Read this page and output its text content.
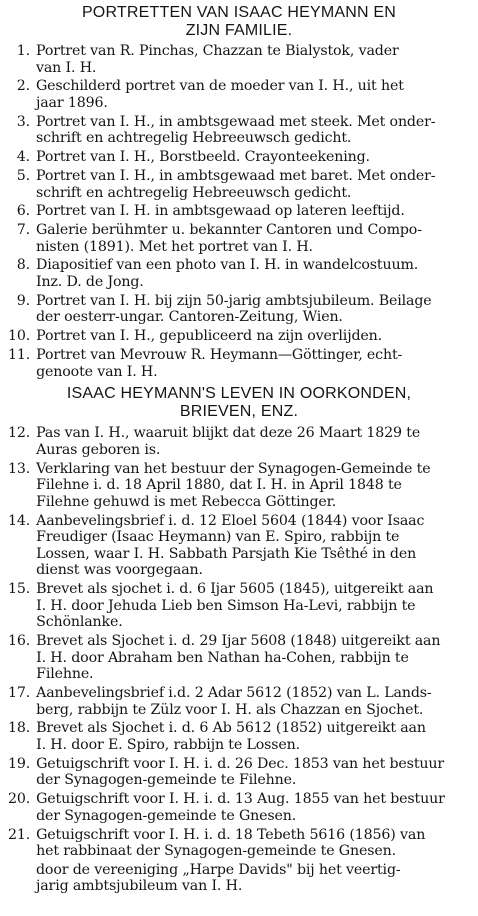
PORTRETTEN VAN ISAAC HEYMANN EN
ZIJN FAMILIE.
1. Portret van R. Pinchas, Chazzan te Bialystok, vader
van I. H.
2. Geschilderd portret van de moeder van I. H., uit het
jaar 1896.
3. Portret van I. H., in ambtsgewaad met steek. Met onder-
schrift en achtregelig Hebreeuwsch gedicht.
4. Portret van I. H., Borstbeeld. Crayonteekening.
5. Portret van I. H., in ambtsgewaad met baret. Met onder-
schrift en achtregelig Hebreeuwsch gedicht.
6. Portret van I. H. in ambtsgewaad op lateren leeftijd.
7. Galerie berühmter u. bekannter Cantoren und Compo-
nisten (1891). Met het portret van I. H.
8. Diapositief van een photo van I. H. in wandelcostuum.
Inz. D. de Jong.
9. Portret van I. H. bij zijn 50-jarig ambtsjubileum. Beilage
der oesterr-ungar. Cantoren-Zeitung, Wien.
10. Portret van I. H., gepubliceerd na zijn overlijden.
11. Portret van Mevrouw R. Heymann—Göttinger, echt-
genoote van I. H.
ISAAC HEYMANN'S LEVEN IN OORKONDEN,
BRIEVEN, ENZ.
12. Pas van I. H., waaruit blijkt dat deze 26 Maart 1829 te
Auras geboren is.
13. Verklaring van het bestuur der Synagogen-Gemeinde te
Filehne i. d. 18 April 1880, dat I. H. in April 1848 te
Filehne gehuwd is met Rebecca Göttinger.
14. Aanbevelingsbrief i. d. 12 Eloel 5604 (1844) voor Isaac
Freudiger (Isaac Heymann) van E. Spiro, rabbijn te
Lossen, waar I. H. Sabbath Parsjath Kie Tsêthé in den
dienst was voorgegaan.
15. Brevet als sjochet i. d. 6 Ijar 5605 (1845), uitgereikt aan
I. H. door Jehuda Lieb ben Simson Ha-Levi, rabbijn te
Schönlanke.
16. Brevet als Sjochet i. d. 29 Ijar 5608 (1848) uitgereikt aan
I. H. door Abraham ben Nathan ha-Cohen, rabbijn te
Filehne.
17. Aanbevelingsbrief i.d. 2 Adar 5612 (1852) van L. Lands-
berg, rabbijn te Zülz voor I. H. als Chazzan en Sjochet.
18. Brevet als Sjochet i. d. 6 Ab 5612 (1852) uitgereikt aan
I. H. door E. Spiro, rabbijn te Lossen.
19. Getuigschrift voor I. H. i. d. 26 Dec. 1853 van het bestuur
der Synagogen-gemeinde te Filehne.
20. Getuigschrift voor I. H. i. d. 13 Aug. 1855 van het bestuur
der Synagogen-gemeinde te Gnesen.
21. Getuigschrift voor I. H. i. d. 18 Tebeth 5616 (1856) van
het rabbinaat der Synagogen-gemeinde te Gnesen.
door de vereeniging „Harpe Davids" bij het veertig-
jarig ambtsjubileum van I. H.
